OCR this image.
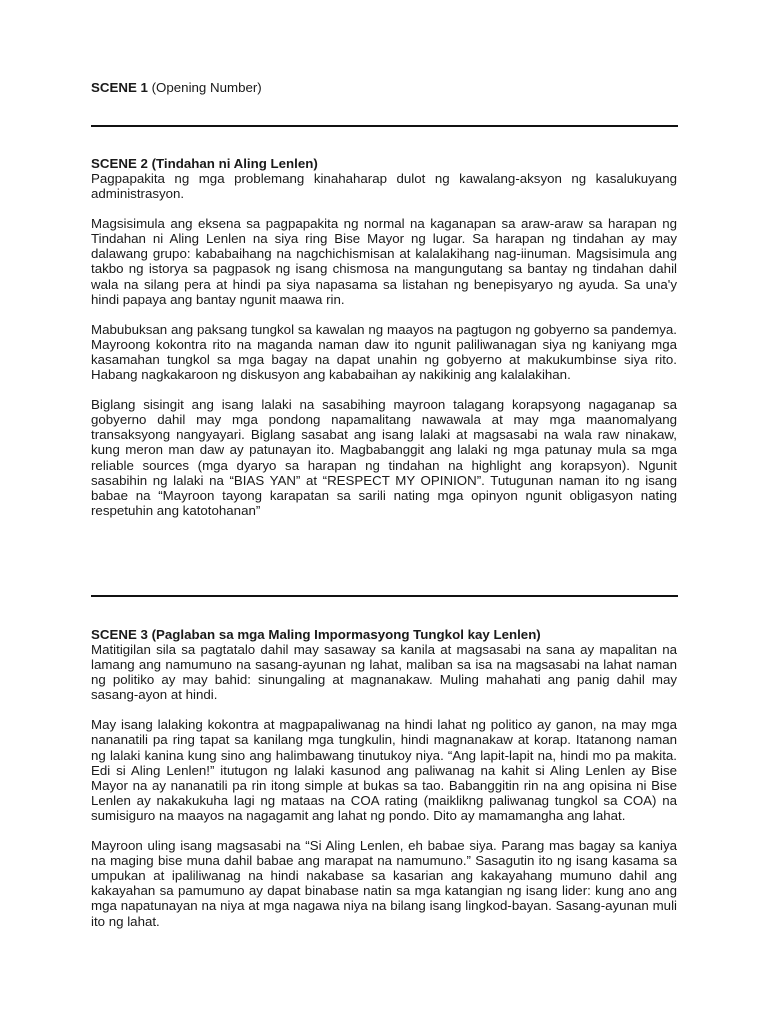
SCENE 1 (Opening Number)
SCENE 2 (Tindahan ni Aling Lenlen)

Pagpapakita ng mga problemang kinahaharap dulot ng kawalang-aksyon ng kasalukuyang administrasyon.

Magsisimula ang eksena sa pagpapakita ng normal na kaganapan sa araw-araw sa harapan ng Tindahan ni Aling Lenlen na siya ring Bise Mayor ng lugar. Sa harapan ng tindahan ay may dalawang grupo: kababaihang na nagchichismisan at kalalakihang nag-iinuman. Magsisimula ang takbo ng istorya sa pagpasok ng isang chismosa na mangungutang sa bantay ng tindahan dahil wala na silang pera at hindi pa siya napasama sa listahan ng benepisyaryo ng ayuda. Sa una'y hindi papaya ang bantay ngunit maawa rin.

Mabubuksan ang paksang tungkol sa kawalan ng maayos na pagtugon ng gobyerno sa pandemya. Mayroong kokontra rito na maganda naman daw ito ngunit paliliwanagan siya ng kaniyang mga kasamahan tungkol sa mga bagay na dapat unahin ng gobyerno at makukumbinse siya rito. Habang nagkakaroon ng diskusyon ang kababaihan ay nakikinig ang kalalakihan.

Biglang sisingit ang isang lalaki na sasabihing mayroon talagang korapsyong nagaganap sa gobyerno dahil may mga pondong napamalitang nawawala at may mga maanomalyang transaksyong nangyayari. Biglang sasabat ang isang lalaki at magsasabi na wala raw ninakaw, kung meron man daw ay patunayan ito. Magbabanggit ang lalaki ng mga patunay mula sa mga reliable sources (mga dyaryo sa harapan ng tindahan na highlight ang korapsyon). Ngunit sasabihin ng lalaki na “BIAS YAN” at “RESPECT MY OPINION”. Tutugunan naman ito ng isang babae na “Mayroon tayong karapatan sa sarili nating mga opinyon ngunit obligasyon nating respetuhin ang katotohanan”

SCENE 3 (Paglaban sa mga Maling Impormasyong Tungkol kay Lenlen)

Matitigilan sila sa pagtatalo dahil may sasaway sa kanila at magsasabi na sana ay mapalitan na lamang ang namumuno na sasang-ayunan ng lahat, maliban sa isa na magsasabi na lahat naman ng politiko ay may bahid: sinungaling at magnanakaw. Muling mahahati ang panig dahil may sasang-ayon at hindi.

May isang lalaking kokontra at magpapaliwanag na hindi lahat ng politico ay ganon, na may mga nananatili pa ring tapat sa kanilang mga tungkulin, hindi magnanakaw at korap. Itatanong naman ng lalaki kanina kung sino ang halimbawang tinutukoy niya. “Ang lapit-lapit na, hindi mo pa makita. Edi si Aling Lenlen!” itutugon ng lalaki kasunod ang paliwanag na kahit si Aling Lenlen ay Bise Mayor na ay nananatili pa rin itong simple at bukas sa tao. Babanggitin rin na ang opisina ni Bise Lenlen ay nakakukuha lagi ng mataas na COA rating (maiklikng paliwanag tungkol sa COA) na sumisiguro na maayos na nagagamit ang lahat ng pondo. Dito ay mamamangha ang lahat.

Mayroon uling isang magsasabi na “Si Aling Lenlen, eh babae siya. Parang mas bagay sa kaniya na maging bise muna dahil babae ang marapat na namumuno.” Sasagutin ito ng isang kasama sa umpukan at ipaliliwanag na hindi nakabase sa kasarian ang kakayahang mumuno dahil ang kakayahan sa pamumuno ay dapat binabase natin sa mga katangian ng isang lider: kung ano ang mga napatunayan na niya at mga nagawa niya na bilang isang lingkod-bayan. Sasang-ayunan muli ito ng lahat.
